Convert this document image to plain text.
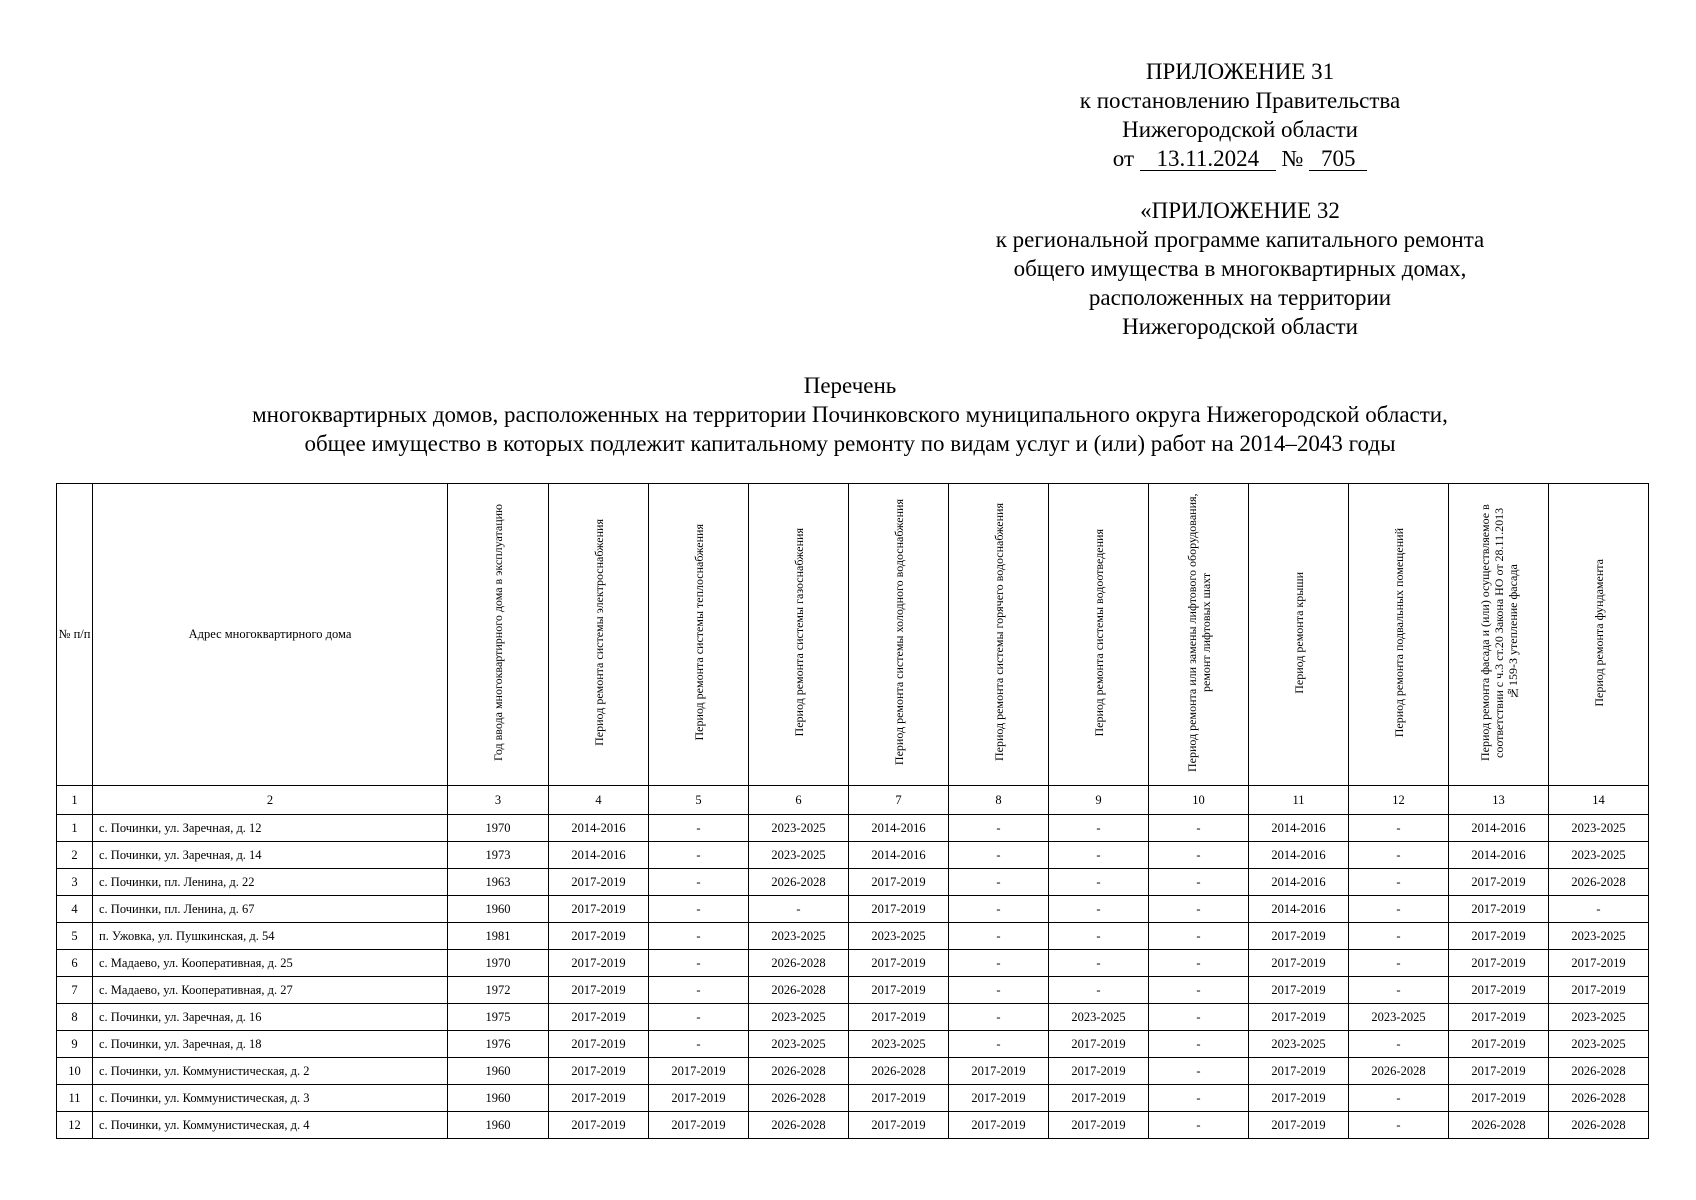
ПРИЛОЖЕНИЕ 31
к постановлению Правительства
Нижегородской области
от 13.11.2024 № 705
«ПРИЛОЖЕНИЕ 32
к региональной программе капитального ремонта
общего имущества в многоквартирных домах,
расположенных на территории
Нижегородской области
Перечень
многоквартирных домов, расположенных на территории Починковского муниципального округа Нижегородской области,
общее имущество в которых подлежит капитальному ремонту по видам услуг и (или) работ на 2014–2043 годы
№ п/п	Адрес многоквартирного дома	Год ввода многоквартирного дома в эксплуатацию	Период ремонта системы электроснабжения	Период ремонта системы теплоснабжения	Период ремонта системы газоснабжения	Период ремонта системы холодного водоснабжения	Период ремонта системы горячего водоснабжения	Период ремонта системы водоотведения	Период ремонта или замены лифтового оборудования, ремонт лифтовых шахт	Период ремонта крыши	Период ремонта подвальных помещений	Период ремонта фасада и (или) осуществляемое в соответствии с ч.3 ст.20 Закона НО от 28.11.2013 №159-З утепление фасада	Период ремонта фундамента
1	2	3	4	5	6	7	8	9	10	11	12	13	14
1	с. Починки, ул. Заречная, д. 12	1970	2014-2016	-	2023-2025	2014-2016	-	-	-	2014-2016	-	2014-2016	2023-2025
2	с. Починки, ул. Заречная, д. 14	1973	2014-2016	-	2023-2025	2014-2016	-	-	-	2014-2016	-	2014-2016	2023-2025
3	с. Починки, пл. Ленина, д. 22	1963	2017-2019	-	2026-2028	2017-2019	-	-	-	2014-2016	-	2017-2019	2026-2028
4	с. Починки, пл. Ленина, д. 67	1960	2017-2019	-	-	2017-2019	-	-	-	2014-2016	-	2017-2019	-
5	п. Ужовка, ул. Пушкинская, д. 54	1981	2017-2019	-	2023-2025	2023-2025	-	-	-	2017-2019	-	2017-2019	2023-2025
6	с. Мадаево, ул. Кооперативная, д. 25	1970	2017-2019	-	2026-2028	2017-2019	-	-	-	2017-2019	-	2017-2019	2017-2019
7	с. Мадаево, ул. Кооперативная, д. 27	1972	2017-2019	-	2026-2028	2017-2019	-	-	-	2017-2019	-	2017-2019	2017-2019
8	с. Починки, ул. Заречная, д. 16	1975	2017-2019	-	2023-2025	2017-2019	-	2023-2025	-	2017-2019	2023-2025	2017-2019	2023-2025
9	с. Починки, ул. Заречная, д. 18	1976	2017-2019	-	2023-2025	2023-2025	-	2017-2019	-	2023-2025	-	2017-2019	2023-2025
10	с. Починки, ул. Коммунистическая, д. 2	1960	2017-2019	2017-2019	2026-2028	2026-2028	2017-2019	2017-2019	-	2017-2019	2026-2028	2017-2019	2026-2028
11	с. Починки, ул. Коммунистическая, д. 3	1960	2017-2019	2017-2019	2026-2028	2017-2019	2017-2019	2017-2019	-	2017-2019	-	2017-2019	2026-2028
12	с. Починки, ул. Коммунистическая, д. 4	1960	2017-2019	2017-2019	2026-2028	2017-2019	2017-2019	2017-2019	-	2017-2019	-	2026-2028	2026-2028
